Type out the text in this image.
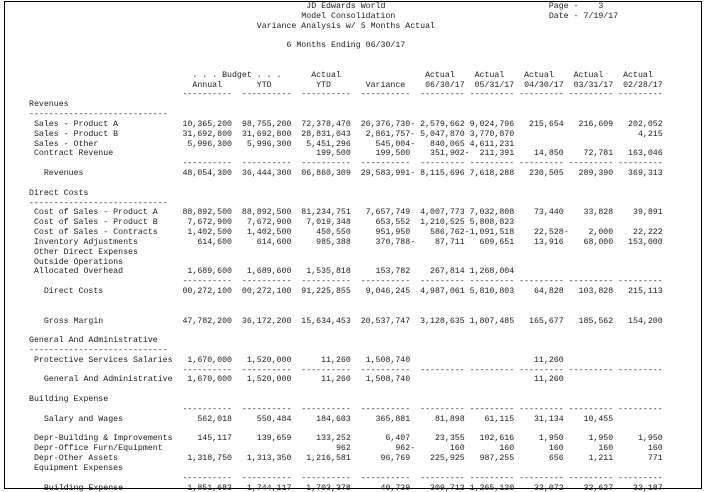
JD Edwards World                                 Page -    3
Model Consolidation                               Date - 7/19/17
Variance Analysis w/ 5 Months Actual
6 Months Ending 06/30/17
. . . Budget . . .      Actual                 Actual    Actual    Actual    Actual    Actual
Annual       YTD         YTD       Variance    06/30/17  05/31/17  04/30/17  03/31/17  02/28/17
----------  ----------  ----------  ----------  --------- --------- --------- --------- ---------
Revenues
----------------------------
Sales - Product A             10,365,200  98,755,200  72,378,470  26,376,730- 2,579,662 9,024,796   215,654   216,609   202,052
Sales - Product B             31,692,800  31,692,800  28,831,043   2,861,757- 5,047,870 3,770,870                         4,215
Sales - Other                  5,996,300   5,996,300   5,451,296     545,004-   840,065 4,611,231
Contract Revenue                                         199,500     199,500    351,902-  211,391    14,850    72,781   163,046
----------  ----------  ----------  ----------  --------- --------- --------- --------- ---------
Revenues                    48,054,300  36,444,300  06,860,309  29,583,991- 8,115,696 7,618,288   230,505   289,390   369,313
Direct Costs
----------------------------
Cost of Sales - Product A     88,892,500  88,892,500  81,234,751   7,657,749  4,007,773 7,032,808    73,440    33,828    39,891
Cost of Sales - Product B      7,672,900   7,672,900   7,019,348     653,552  1,210,525 5,808,823
Cost of Sales - Contracts      1,402,500   1,402,500     450,550     951,950    586,762-1,091,518    22,528-    2,000    22,222
Inventory Adjustments            614,600     614,600     985,388     370,788-    87,711   609,651    13,916    68,000   153,000
Other Direct Expenses
Outside Operations
Allocated Overhead             1,689,600   1,689,600   1,535,818     153,782    267,814 1,268,004
----------  ----------  ----------  ----------  --------- --------- --------- --------- ---------
Direct Costs                00,272,100  00,272,100  91,225,855   9,046,245  4,987,061 5,810,803    64,828   103,828   215,113
Gross Margin                47,782,200  36,172,200  15,634,453  20,537,747  3,128,635 1,807,485   165,677   185,562   154,200
General And Administrative
----------------------------
Protective Services Salaries   1,670,000   1,520,000      11,260   1,508,740                         11,260
----------  ----------  ----------  ----------  --------- --------- --------- --------- ---------
General And Administrative   1,670,000   1,520,000      11,260   1,508,740                         11,260
Building Expense
----------  ----------  ----------  ----------  --------- --------- --------- --------- ---------
Salary and Wages               562,018     550,484     184,603     365,881     81,898    61,115    31,134    10,455
Depr-Building & Improvements     145,117     139,659     133,252       6,407     23,355   102,616     1,950     1,950     1,950
Depr-Office Furn/Equipment                                   962         962-       160       160       160       160       160
Depr-Other Assets              1,318,750   1,313,350   1,216,581      96,769    225,925   987,255       656     1,211       771
Equipment Expenses
----------  ----------  ----------  ----------  --------- --------- --------- --------- ---------
Building Expense             1,851,683   1,744,117   1,703,378      40,739    309,712 1,265,120    32,072    32,627    32,187
